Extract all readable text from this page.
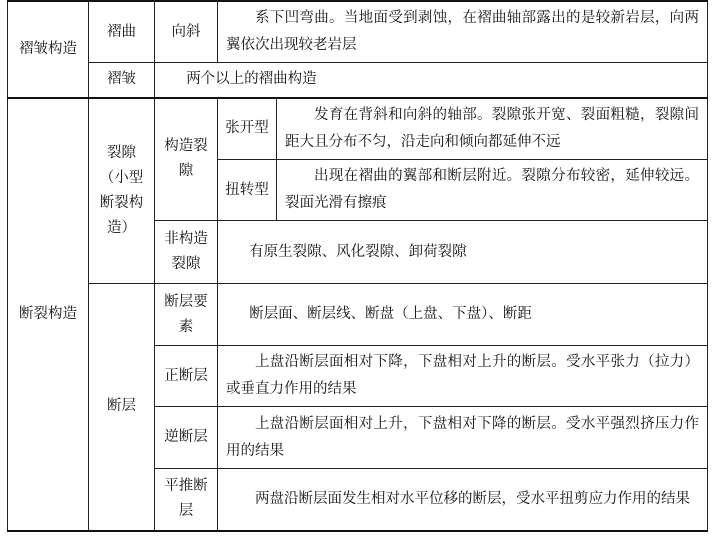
褶皱构造	褶曲	向斜	系下凹弯曲。当地面受到剥蚀，在褶曲轴部露出的是较新岩层，向两翼依次出现较老岩层	
	褶皱	两个以上的褶曲构造		
断裂构造	裂隙（小型断裂构造）	构造裂隙	张开型	发育在背斜和向斜的轴部。裂隙张开宽、裂面粗糙，裂隙间距大且分布不匀，沿走向和倾向都延伸不远
			扭转型	出现在褶曲的翼部和断层附近。裂隙分布较密，延伸较远。裂面光滑有擦痕
		非构造裂隙	有原生裂隙、风化裂隙、卸荷裂隙	
	断层	断层要素	断层面、断层线、断盘（上盘、下盘）、断距	
		正断层	上盘沿断层面相对下降，下盘相对上升的断层。受水平张力（拉力）或垂直力作用的结果	
		逆断层	上盘沿断层面相对上升，下盘相对下降的断层。受水平强烈挤压力作用的结果	
		平推断层	两盘沿断层面发生相对水平位移的断层，受水平扭剪应力作用的结果	
